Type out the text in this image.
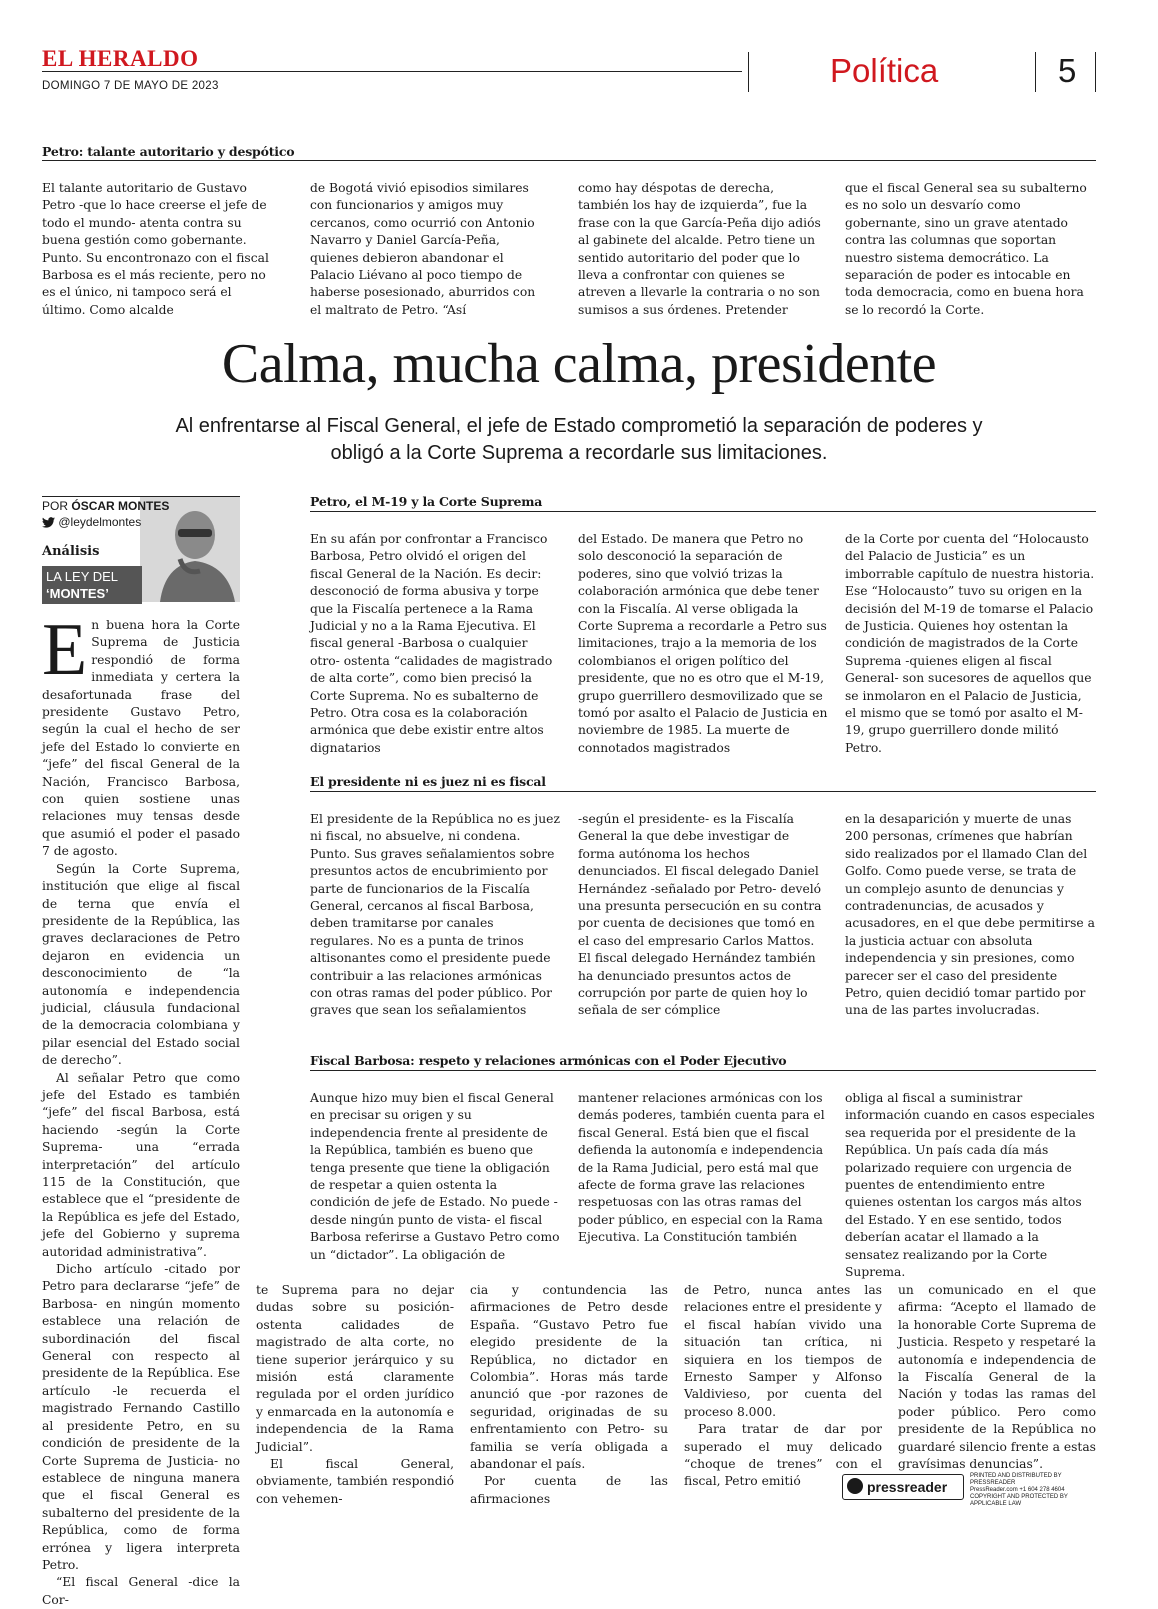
EL HERALDO
DOMINGO 7 DE MAYO DE 2023	Política	5
Petro: talante autoritario y despótico
El talante autoritario de Gustavo Petro -que lo hace creerse el jefe de todo el mundo- atenta contra su buena gestión como gobernante. Punto. Su encontronazo con el fiscal Barbosa es el más reciente, pero no es el único, ni tampoco será el último. Como alcalde
de Bogotá vivió episodios similares con funcionarios y amigos muy cercanos, como ocurrió con Antonio Navarro y Daniel García-Peña, quienes debieron abandonar el Palacio Liévano al poco tiempo de haberse posesionado, aburridos con el maltrato de Petro. “Así
como hay déspotas de derecha, también los hay de izquierda”, fue la frase con la que García-Peña dijo adiós al gabinete del alcalde. Petro tiene un sentido autoritario del poder que lo lleva a confrontar con quienes se atreven a llevarle la contraria o no son sumisos a sus órdenes. Pretender
que el fiscal General sea su subalterno es no solo un desvarío como gobernante, sino un grave atentado contra las columnas que soportan nuestro sistema democrático. La separación de poder es intocable en toda democracia, como en buena hora se lo recordó la Corte.
Calma, mucha calma, presidente
Al enfrentarse al Fiscal General, el jefe de Estado comprometió la separación de poderes y obligó a la Corte Suprema a recordarle sus limitaciones.
POR ÓSCAR MONTES
@leydelmontes
Análisis
LA LEY DEL
‘MONTES’

En buena hora la Corte Suprema de Justicia respondió de forma inmediata y certera la desafortunada frase del presidente Gustavo Petro, según la cual el hecho de ser jefe del Estado lo convierte en “jefe” del fiscal General de la Nación, Francisco Barbosa, con quien sostiene unas relaciones muy tensas desde que asumió el poder el pasado 7 de agosto.

Según la Corte Suprema, institución que elige al fiscal de terna que envía el presidente de la República, las graves declaraciones de Petro dejaron en evidencia un desconocimiento de “la autonomía e independencia judicial, cláusula fundacional de la democracia colombiana y pilar esencial del Estado social de derecho”.

Al señalar Petro que como jefe del Estado es también “jefe” del fiscal Barbosa, está haciendo -según la Corte Suprema- una “errada interpretación” del artículo 115 de la Constitución, que establece que el “presidente de la República es jefe del Estado, jefe del Gobierno y suprema autoridad administrativa”.

Dicho artículo -citado por Petro para declararse “jefe” de Barbosa- en ningún momento establece una relación de subordinación del fiscal General con respecto al presidente de la República. Ese artículo -le recuerda el magistrado Fernando Castillo al presidente Petro, en su condición de presidente de la Corte Suprema de Justicia- no establece de ninguna manera que el fiscal General es subalterno del presidente de la República, como de forma errónea y ligera interpreta Petro.

“El fiscal General -dice la Cor-

Petro, el M-19 y la Corte Suprema
En su afán por confrontar a Francisco Barbosa, Petro olvidó el origen del fiscal General de la Nación. Es decir: desconoció de forma abusiva y torpe que la Fiscalía pertenece a la Rama Judicial y no a la Rama Ejecutiva. El fiscal general -Barbosa o cualquier otro- ostenta “calidades de magistrado de alta corte”, como bien precisó la Corte Suprema. No es subalterno de Petro. Otra cosa es la colaboración armónica que debe existir entre altos dignatarios
del Estado. De manera que Petro no solo desconoció la separación de poderes, sino que volvió trizas la colaboración armónica que debe tener con la Fiscalía. Al verse obligada la Corte Suprema a recordarle a Petro sus limitaciones, trajo a la memoria de los colombianos el origen político del presidente, que no es otro que el M-19, grupo guerrillero desmovilizado que se tomó por asalto el Palacio de Justicia en noviembre de 1985. La muerte de connotados magistrados
de la Corte por cuenta del “Holocausto del Palacio de Justicia” es un imborrable capítulo de nuestra historia. Ese “Holocausto” tuvo su origen en la decisión del M-19 de tomarse el Palacio de Justicia. Quienes hoy ostentan la condición de magistrados de la Corte Suprema -quienes eligen al fiscal General- son sucesores de aquellos que se inmolaron en el Palacio de Justicia, el mismo que se tomó por asalto el M-19, grupo guerrillero donde militó Petro.
El presidente ni es juez ni es fiscal
El presidente de la República no es juez ni fiscal, no absuelve, ni condena. Punto. Sus graves señalamientos sobre presuntos actos de encubrimiento por parte de funcionarios de la Fiscalía General, cercanos al fiscal Barbosa, deben tramitarse por canales regulares. No es a punta de trinos altisonantes como el presidente puede contribuir a las relaciones armónicas con otras ramas del poder público. Por graves que sean los señalamientos
-según el presidente- es la Fiscalía General la que debe investigar de forma autónoma los hechos denunciados. El fiscal delegado Daniel Hernández -señalado por Petro- develó una presunta persecución en su contra por cuenta de decisiones que tomó en el caso del empresario Carlos Mattos. El fiscal delegado Hernández también ha denunciado presuntos actos de corrupción por parte de quien hoy lo señala de ser cómplice
en la desaparición y muerte de unas 200 personas, crímenes que habrían sido realizados por el llamado Clan del Golfo. Como puede verse, se trata de un complejo asunto de denuncias y contradenuncias, de acusados y acusadores, en el que debe permitirse a la justicia actuar con absoluta independencia y sin presiones, como parecer ser el caso del presidente Petro, quien decidió tomar partido por una de las partes involucradas.
Fiscal Barbosa: respeto y relaciones armónicas con el Poder Ejecutivo
Aunque hizo muy bien el fiscal General en precisar su origen y su independencia frente al presidente de la República, también es bueno que tenga presente que tiene la obligación de respetar a quien ostenta la condición de jefe de Estado. No puede -desde ningún punto de vista- el fiscal Barbosa referirse a Gustavo Petro como un “dictador”. La obligación de
mantener relaciones armónicas con los demás poderes, también cuenta para el fiscal General. Está bien que el fiscal defienda la autonomía e independencia de la Rama Judicial, pero está mal que afecte de forma grave las relaciones respetuosas con las otras ramas del poder público, en especial con la Rama Ejecutiva. La Constitución también
obliga al fiscal a suministrar información cuando en casos especiales sea requerida por el presidente de la República. Un país cada día más polarizado requiere con urgencia de puentes de entendimiento entre quienes ostentan los cargos más altos del Estado. Y en ese sentido, todos deberían acatar el llamado a la sensatez realizando por la Corte Suprema.

te Suprema para no dejar dudas sobre su posición- ostenta calidades de magistrado de alta corte, no tiene superior jerárquico y su misión está claramente regulada por el orden jurídico y enmarcada en la autonomía e independencia de la Rama Judicial”.

El fiscal General, obviamente, también respondió con vehemen-

cia y contundencia las afirmaciones de Petro desde España. “Gustavo Petro fue elegido presidente de la República, no dictador en Colombia”. Horas más tarde anunció que -por razones de seguridad, originadas de su enfrentamiento con Petro- su familia se vería obligada a abandonar el país.

Por cuenta de las afirmaciones

de Petro, nunca antes las relaciones entre el presidente y el fiscal habían vivido una situación tan crítica, ni siquiera en los tiempos de Ernesto Samper y Alfonso Valdivieso, por cuenta del proceso 8.000.

Para tratar de dar por superado el muy delicado “choque de trenes” con el fiscal, Petro emitió

un comunicado en el que afirma: “Acepto el llamado de la honorable Corte Suprema de Justicia. Respeto y respetaré la autonomía e independencia de la Fiscalía General de la Nación y todas las ramas del poder público. Pero como presidente de la República no guardaré silencio frente a estas gravísimas denuncias”.

pressreader
PRINTED AND DISTRIBUTED BY PRESSREADER
PressReader.com +1 604 278 4604
COPYRIGHT AND PROTECTED BY APPLICABLE LAW
